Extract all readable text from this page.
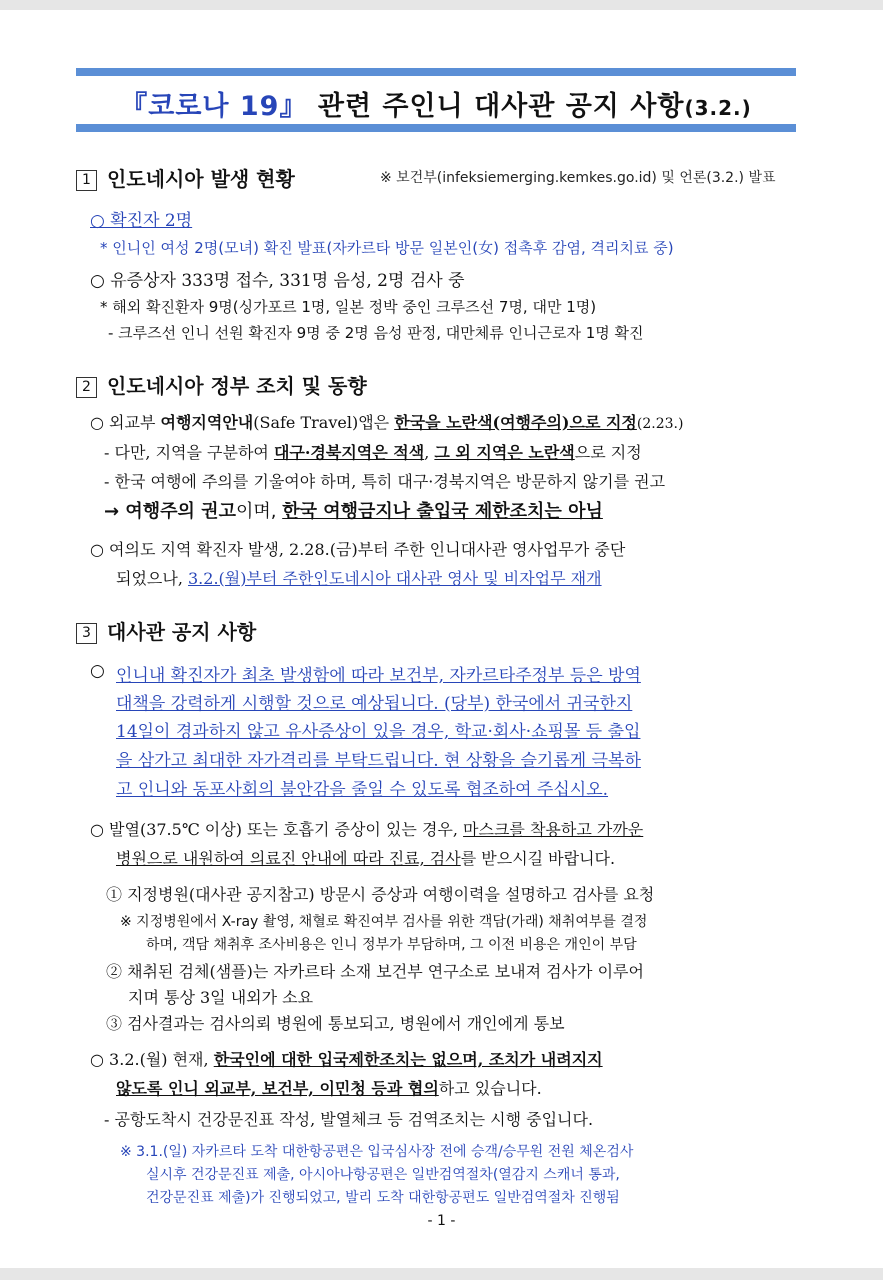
『코로나 19』 관련 주인니 대사관 공지 사항(3.2.)
1 인도네시아 발생 현황	※ 보건부(infeksiemerging.kemkes.go.id) 및 언론(3.2.) 발표
○ 확진자 2명
* 인니인 여성 2명(모녀) 확진 발표(자카르타 방문 일본인(女) 접촉후 감염, 격리치료 중)
○ 유증상자 333명 접수, 331명 음성, 2명 검사 중
* 해외 확진환자 9명(싱가포르 1명, 일본 정박 중인 크루즈선 7명, 대만 1명)
- 크루즈선 인니 선원 확진자 9명 중 2명 음성 판정, 대만체류 인니근로자 1명 확진
2 인도네시아 정부 조치 및 동향
○ 외교부 여행지역안내(Safe Travel)앱은 한국을 노란색(여행주의)으로 지정(2.23.)
- 다만, 지역을 구분하여 대구·경북지역은 적색, 그 외 지역은 노란색으로 지정
- 한국 여행에 주의를 기울여야 하며, 특히 대구·경북지역은 방문하지 않기를 권고
→ 여행주의 권고이며, 한국 여행금지나 출입국 제한조치는 아님
○ 여의도 지역 확진자 발생, 2.28.(금)부터 주한 인니대사관 영사업무가 중단
되었으나, 3.2.(월)부터 주한인도네시아 대사관 영사 및 비자업무 재개
3 대사관 공지 사항
○ 인니내 확진자가 최초 발생함에 따라 보건부, 자카르타주정부 등은 방역
대책을 강력하게 시행할 것으로 예상됩니다. (당부) 한국에서 귀국한지
14일이 경과하지 않고 유사증상이 있을 경우, 학교·회사·쇼핑몰 등 출입
을 삼가고 최대한 자가격리를 부탁드립니다. 현 상황을 슬기롭게 극복하
고 인니와 동포사회의 불안감을 줄일 수 있도록 협조하여 주십시오.
○ 발열(37.5℃ 이상) 또는 호흡기 증상이 있는 경우, 마스크를 착용하고 가까운
병원으로 내원하여 의료진 안내에 따라 진료, 검사를 받으시길 바랍니다.
① 지정병원(대사관 공지참고) 방문시 증상과 여행이력을 설명하고 검사를 요청
※ 지정병원에서 X-ray 촬영, 채혈로 확진여부 검사를 위한 객담(가래) 채취여부를 결정
하며, 객담 채취후 조사비용은 인니 정부가 부담하며, 그 이전 비용은 개인이 부담
② 채취된 검체(샘플)는 자카르타 소재 보건부 연구소로 보내져 검사가 이루어
지며 통상 3일 내외가 소요
③ 검사결과는 검사의뢰 병원에 통보되고, 병원에서 개인에게 통보
○ 3.2.(월) 현재, 한국인에 대한 입국제한조치는 없으며, 조치가 내려지지
않도록 인니 외교부, 보건부, 이민청 등과 협의하고 있습니다.
- 공항도착시 건강문진표 작성, 발열체크 등 검역조치는 시행 중입니다.
※ 3.1.(일) 자카르타 도착 대한항공편은 입국심사장 전에 승객/승무원 전원 체온검사
실시후 건강문진표 제출, 아시아나항공편은 일반검역절차(열감지 스캐너 통과,
건강문진표 제출)가 진행되었고, 발리 도착 대한항공편도 일반검역절차 진행됨
- 1 -
